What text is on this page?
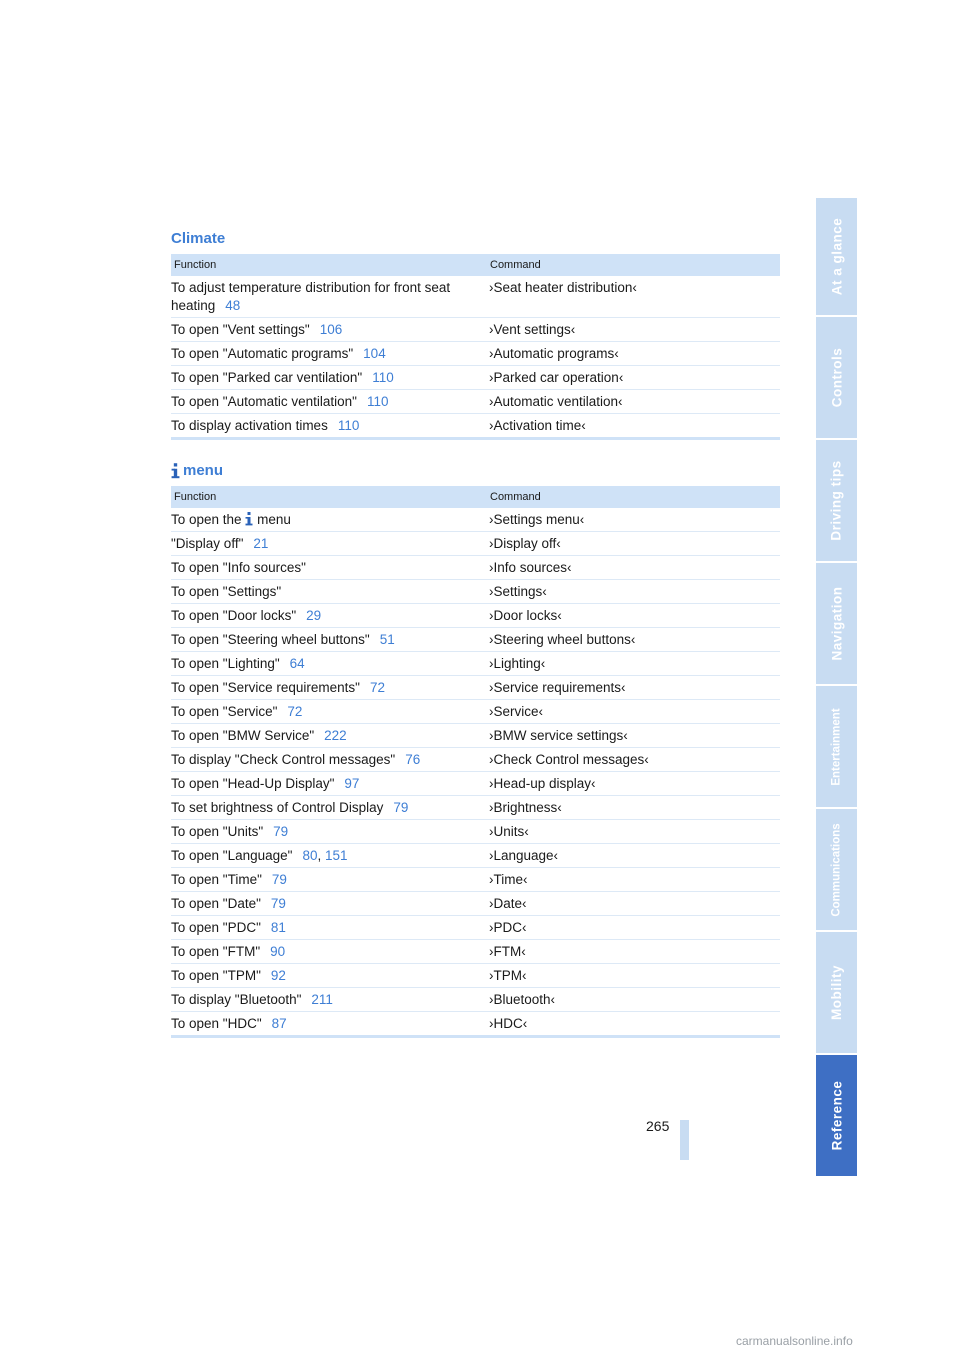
Climate
Function	Command
To adjust temperature distribution for front seat heating 48	›Seat heater distribution‹
To open "Vent settings" 106	›Vent settings‹
To open "Automatic programs" 104	›Automatic programs‹
To open "Parked car ventilation" 110	›Parked car operation‹
To open "Automatic ventilation" 110	›Automatic ventilation‹
To display activation times 110	›Activation time‹
menu
Function	Command
To open the menu	›Settings menu‹
"Display off" 21	›Display off‹
To open "Info sources"	›Info sources‹
To open "Settings"	›Settings‹
To open "Door locks" 29	›Door locks‹
To open "Steering wheel buttons" 51	›Steering wheel buttons‹
To open "Lighting" 64	›Lighting‹
To open "Service requirements" 72	›Service requirements‹
To open "Service" 72	›Service‹
To open "BMW Service" 222	›BMW service settings‹
To display "Check Control messages" 76	›Check Control messages‹
To open "Head-Up Display" 97	›Head-up display‹
To set brightness of Control Display 79	›Brightness‹
To open "Units" 79	›Units‹
To open "Language" 80, 151	›Language‹
To open "Time" 79	›Time‹
To open "Date" 79	›Date‹
To open "PDC" 81	›PDC‹
To open "FTM" 90	›FTM‹
To open "TPM" 92	›TPM‹
To display "Bluetooth" 211	›Bluetooth‹
To open "HDC" 87	›HDC‹
At a glance
Controls
Driving tips
Navigation
Entertainment
Communications
Mobility
Reference
265
carmanualsonline.info
